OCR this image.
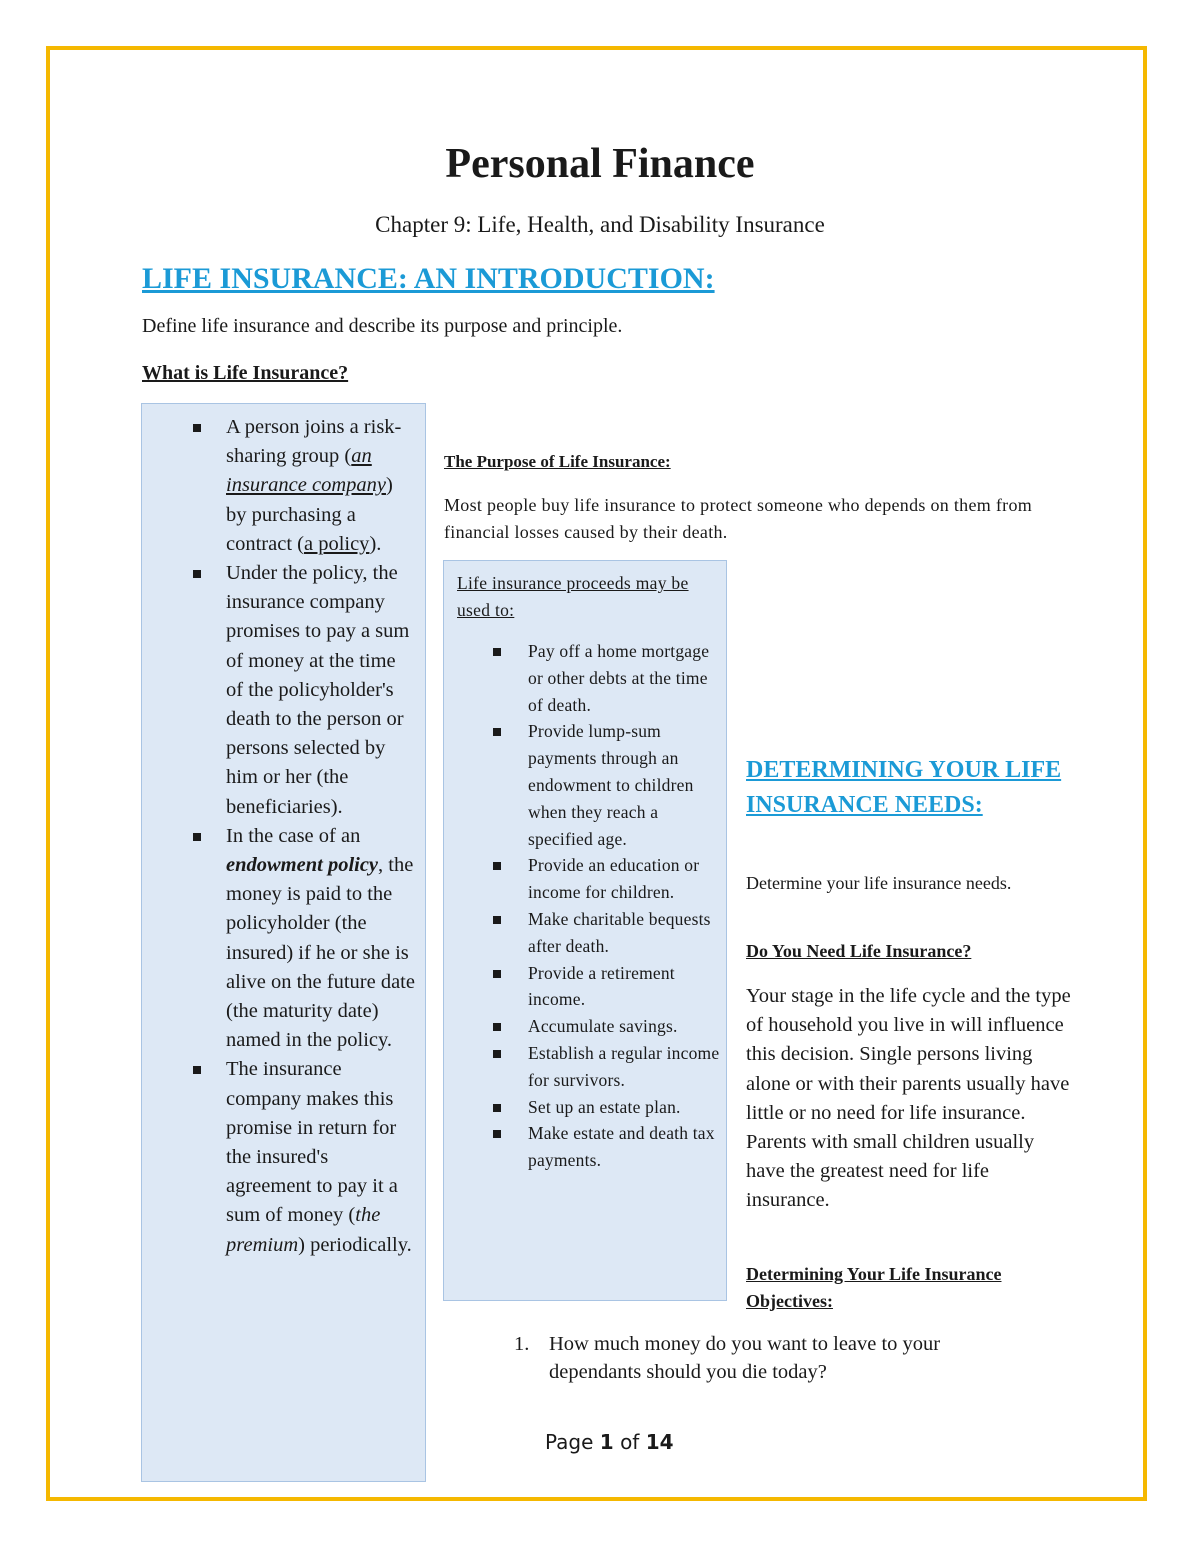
Personal Finance
Chapter 9: Life, Health, and Disability Insurance
LIFE INSURANCE: AN INTRODUCTION:
Define life insurance and describe its purpose and principle.
What is Life Insurance?
A person joins a risk-sharing group (an insurance company) by purchasing a contract (a policy).
Under the policy, the insurance company promises to pay a sum of money at the time of the policyholder's death to the person or persons selected by him or her (the beneficiaries).
In the case of an endowment policy, the money is paid to the policyholder (the insured) if he or she is alive on the future date (the maturity date) named in the policy.
The insurance company makes this promise in return for the insured's agreement to pay it a sum of money (the premium) periodically.
The Purpose of Life Insurance:
Most people buy life insurance to protect someone who depends on them from financial losses caused by their death.
Life insurance proceeds may be used to:
Pay off a home mortgage or other debts at the time of death.
Provide lump-sum payments through an endowment to children when they reach a specified age.
Provide an education or income for children.
Make charitable bequests after death.
Provide a retirement income.
Accumulate savings.
Establish a regular income for survivors.
Set up an estate plan.
Make estate and death tax payments.
DETERMINING YOUR LIFE INSURANCE NEEDS:
Determine your life insurance needs.
Do You Need Life Insurance?
Your stage in the life cycle and the type of household you live in will influence this decision. Single persons living alone or with their parents usually have little or no need for life insurance. Parents with small children usually have the greatest need for life insurance.
Determining Your Life Insurance Objectives:
1. How much money do you want to leave to your dependants should you die today?
Page 1 of 14
